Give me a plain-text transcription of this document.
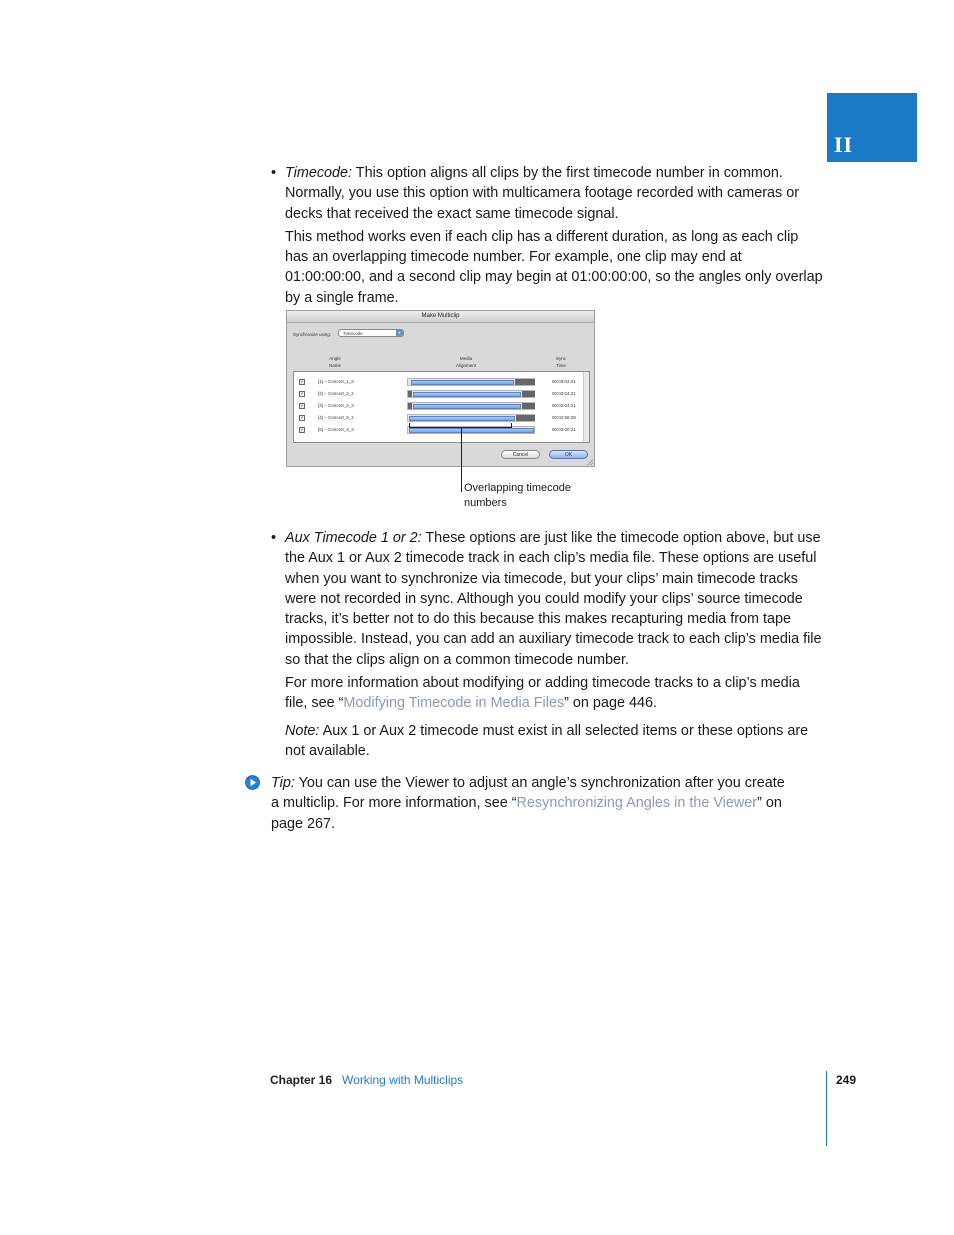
II
• Timecode: This option aligns all clips by the first timecode number in common. Normally, you use this option with multicamera footage recorded with cameras or decks that received the exact same timecode signal.

This method works even if each clip has a different duration, as long as each clip has an overlapping timecode number. For example, one clip may end at 01:00:00:00, and a second clip may begin at 01:00:00:00, so the angles only overlap by a single frame.

Make Multiclip
Synchronize using:	Timecode	▾
Angle
Name
Media
Alignment
Sync
Time
✓	[1] – Concert_1_2	00:03:02:21
✓	[2] – Concert_2_2	00:03:04:21
✓	[3] – Concert_3_2	00:03:04:21
✓	[4] – Concert_5_2	00:02:58:29
✓	[5] – Concert_4_2	00:03:00:21
Cancel	OK
Overlapping timecode
numbers
• Aux Timecode 1 or 2: These options are just like the timecode option above, but use the Aux 1 or Aux 2 timecode track in each clip’s media file. These options are useful when you want to synchronize via timecode, but your clips’ main timecode tracks were not recorded in sync. Although you could modify your clips’ source timecode tracks, it’s better not to do this because this makes recapturing media from tape impossible. Instead, you can add an auxiliary timecode track to each clip’s media file so that the clips align on a common timecode number.

For more information about modifying or adding timecode tracks to a clip’s media file, see “Modifying Timecode in Media Files” on page 446.

Note: Aux 1 or Aux 2 timecode must exist in all selected items or these options are not available.

Tip: You can use the Viewer to adjust an angle’s synchronization after you create a multiclip. For more information, see “Resynchronizing Angles in the Viewer” on page 267.

Chapter 16 Working with Multiclips	249
